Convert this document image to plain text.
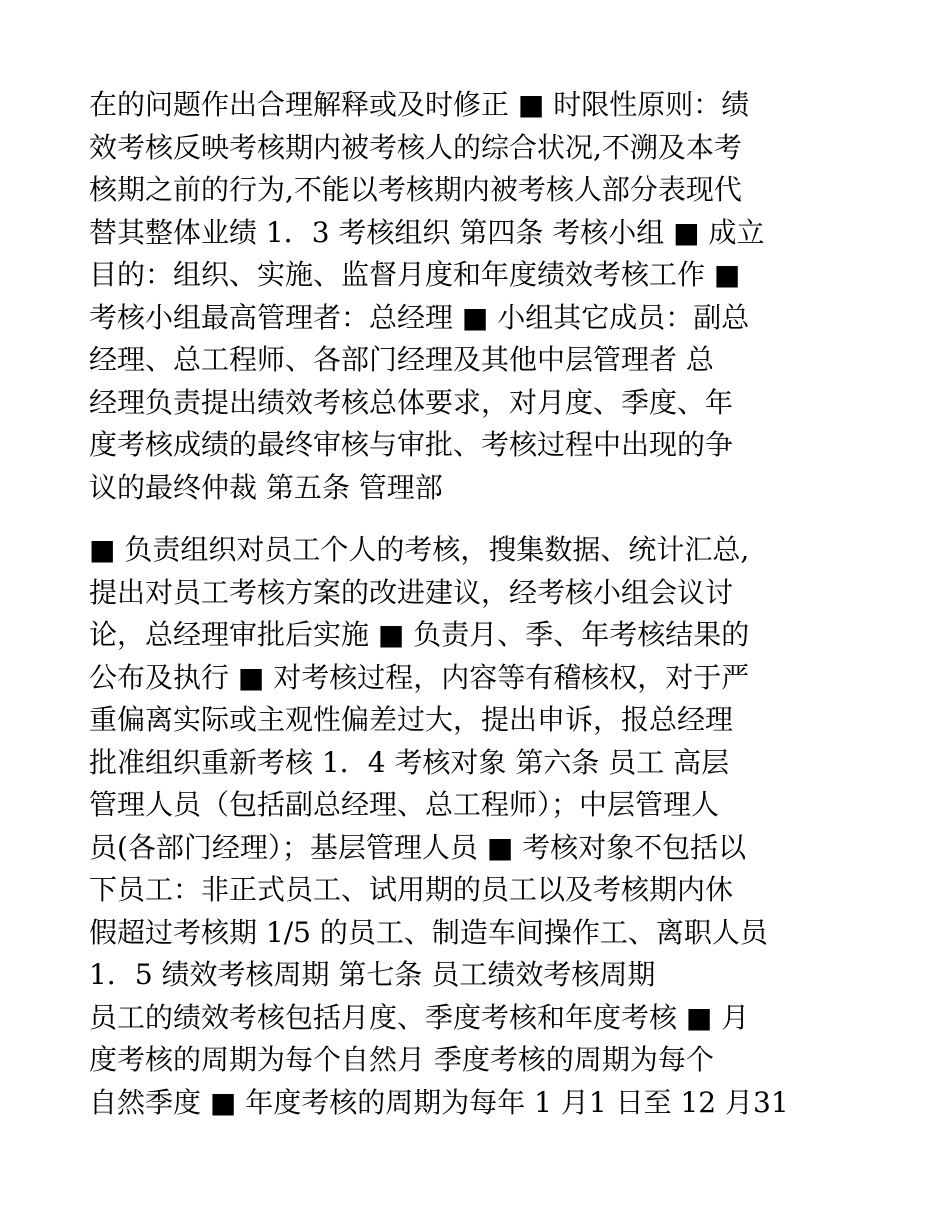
在的问题作出合理解释或及时修正 ■ 时限性原则：绩
效考核反映考核期内被考核人的综合状况,不溯及本考
核期之前的行为,不能以考核期内被考核人部分表现代
替其整体业绩 1．3 考核组织 第四条 考核小组 ■ 成立
目的：组织、实施、监督月度和年度绩效考核工作 ■
考核小组最高管理者：总经理 ■ 小组其它成员：副总
经理、总工程师、各部门经理及其他中层管理者 总
经理负责提出绩效考核总体要求，对月度、季度、年
度考核成绩的最终审核与审批、考核过程中出现的争
议的最终仲裁 第五条 管理部
■ 负责组织对员工个人的考核，搜集数据、统计汇总,
提出对员工考核方案的改进建议，经考核小组会议讨
论，总经理审批后实施 ■ 负责月、季、年考核结果的
公布及执行 ■ 对考核过程，内容等有稽核权，对于严
重偏离实际或主观性偏差过大，提出申诉，报总经理
批准组织重新考核 1．4 考核对象 第六条 员工 高层
管理人员（包括副总经理、总工程师）；中层管理人
员(各部门经理）；基层管理人员 ■ 考核对象不包括以
下员工：非正式员工、试用期的员工以及考核期内休
假超过考核期 1/5 的员工、制造车间操作工、离职人员
1．5 绩效考核周期 第七条 员工绩效考核周期
员工的绩效考核包括月度、季度考核和年度考核 ■ 月
度考核的周期为每个自然月 季度考核的周期为每个
自然季度 ■ 年度考核的周期为每年 1 月1 日至 12 月31
